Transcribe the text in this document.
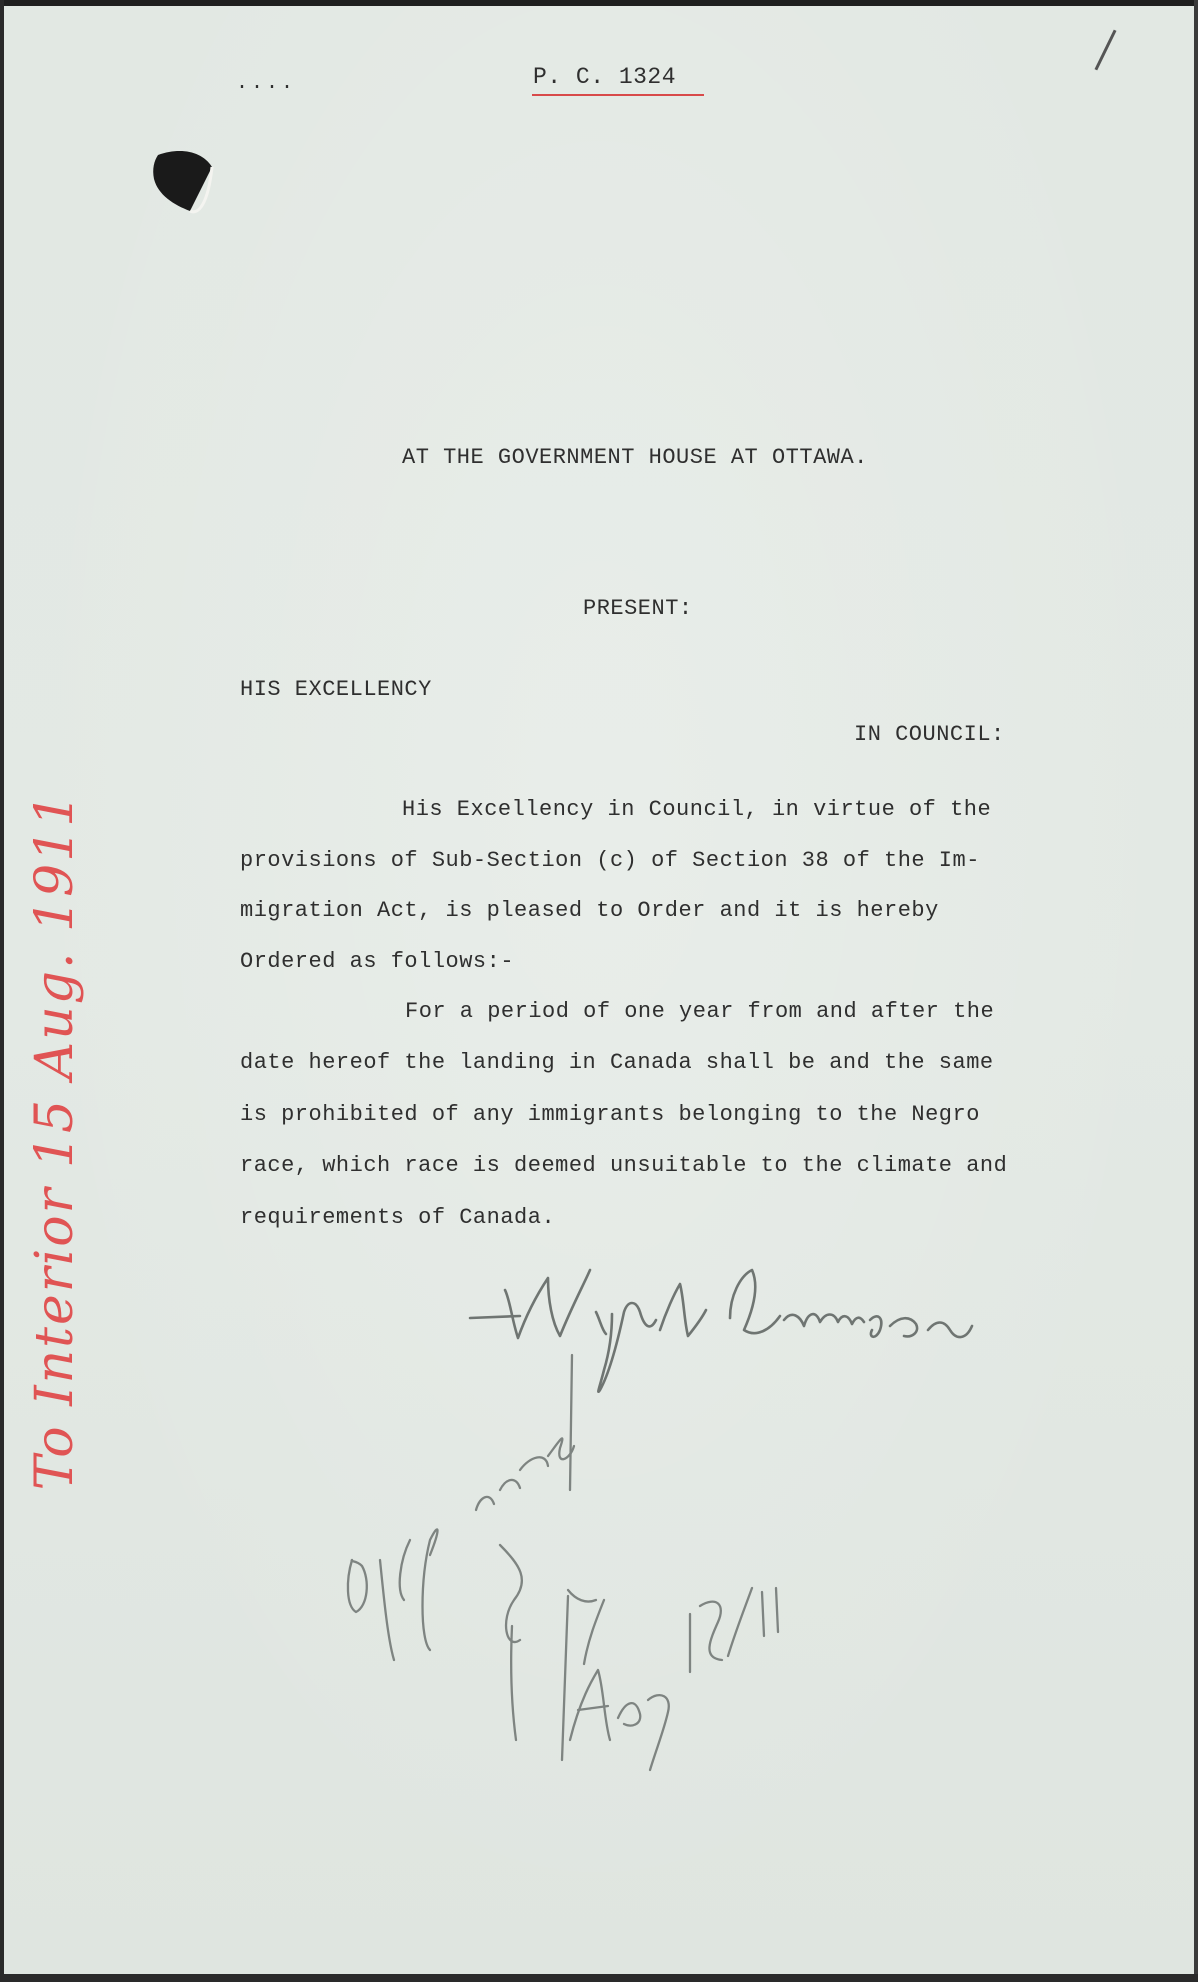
....	P. C. 1324
AT THE GOVERNMENT HOUSE AT OTTAWA.
PRESENT:
HIS EXCELLENCY
IN COUNCIL:
His Excellency in Council, in virtue of the
provisions of Sub-Section (c) of Section 38 of the Im-
migration Act, is pleased to Order and it is hereby
Ordered as follows:-
For a period of one year from and after the
date hereof the landing in Canada shall be and the same
is prohibited of any immigrants belonging to the Negro
race, which race is deemed unsuitable to the climate and
requirements of Canada.
To Interior 15 Aug. 1911
